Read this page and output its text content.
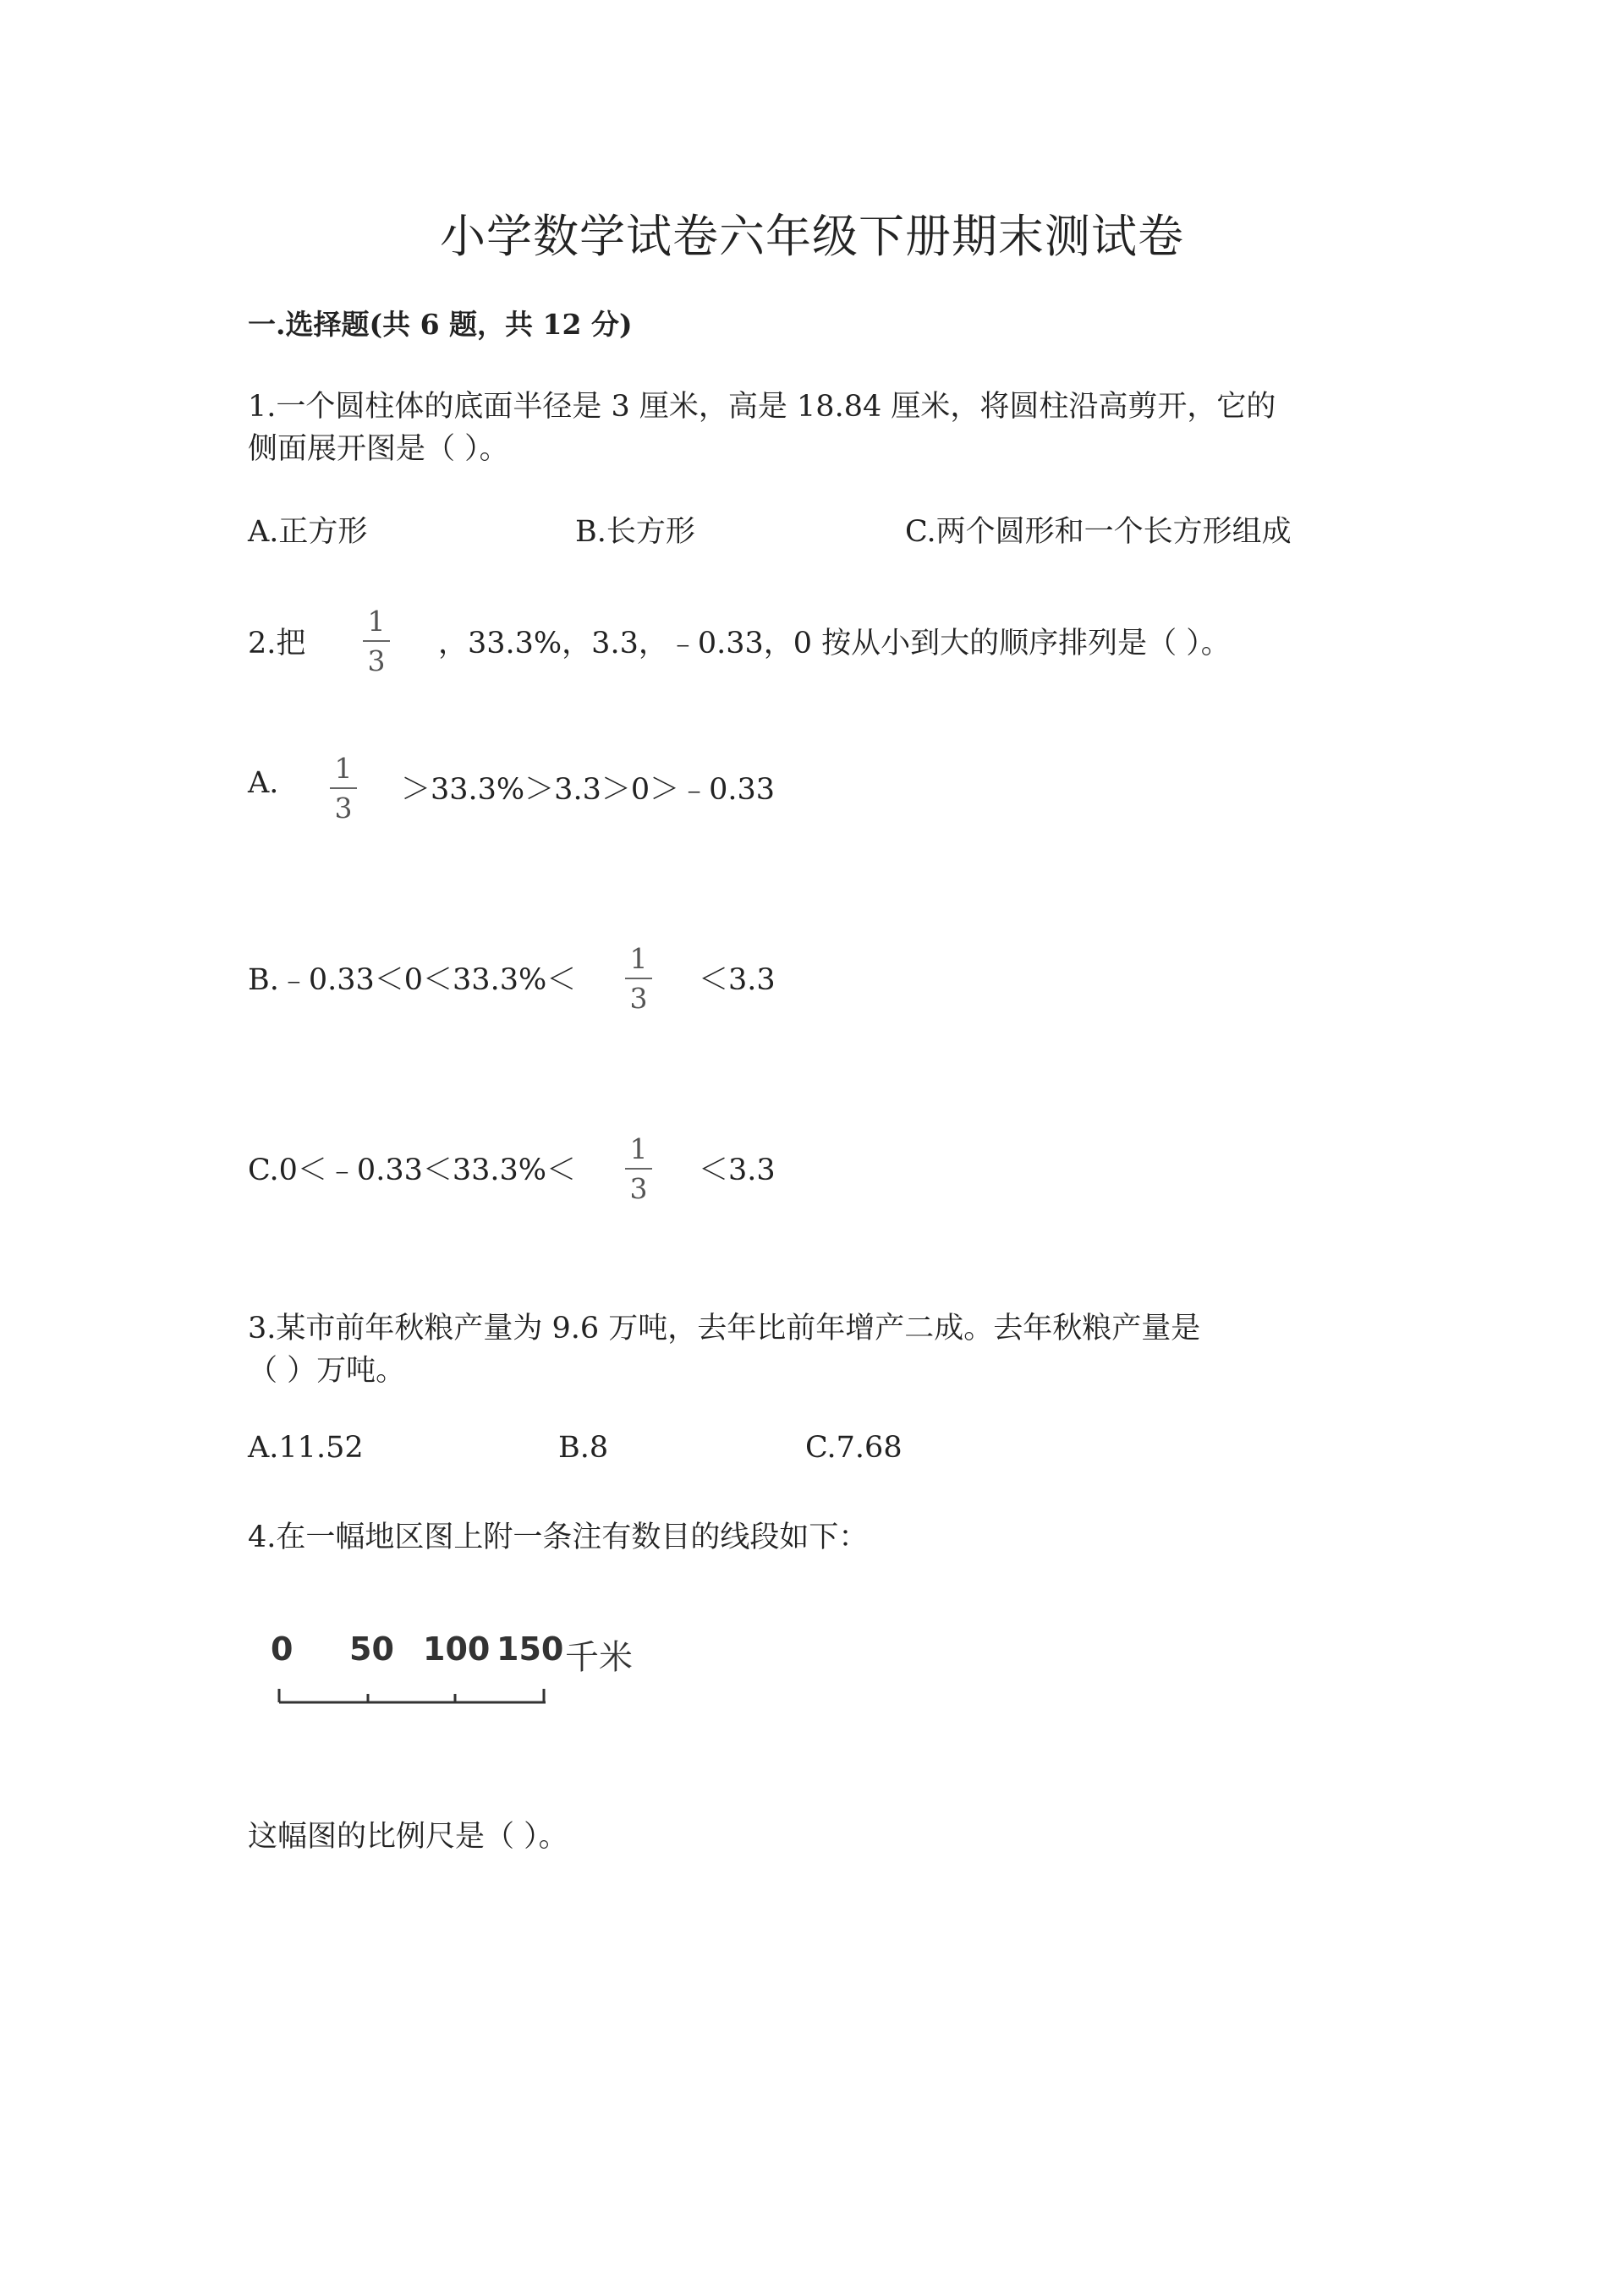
小学数学试卷六年级下册期末测试卷
一.选择题(共 6 题，共 12 分)
1.一个圆柱体的底面半径是 3 厘米，高是 18.84 厘米，将圆柱沿高剪开，它的
侧面展开图是（ ）。
A.正方形	B.长方形	C.两个圆形和一个长方形组成
2.把
1
3
，33.3%，3.3，﹣0.33，0 按从小到大的顺序排列是（ ）。
A. 1
3
＞33.3%＞3.3＞0＞﹣0.33
B.﹣0.33＜0＜33.3%＜
1
3
＜3.3
C.0＜﹣0.33＜33.3%＜
1
3
＜3.3
3.某市前年秋粮产量为 9.6 万吨，去年比前年增产二成。去年秋粮产量是
（ ）万吨。
A.11.52	B.8	C.7.68
4.在一幅地区图上附一条注有数目的线段如下：
0 50 100 150 千米
这幅图的比例尺是（ ）。
